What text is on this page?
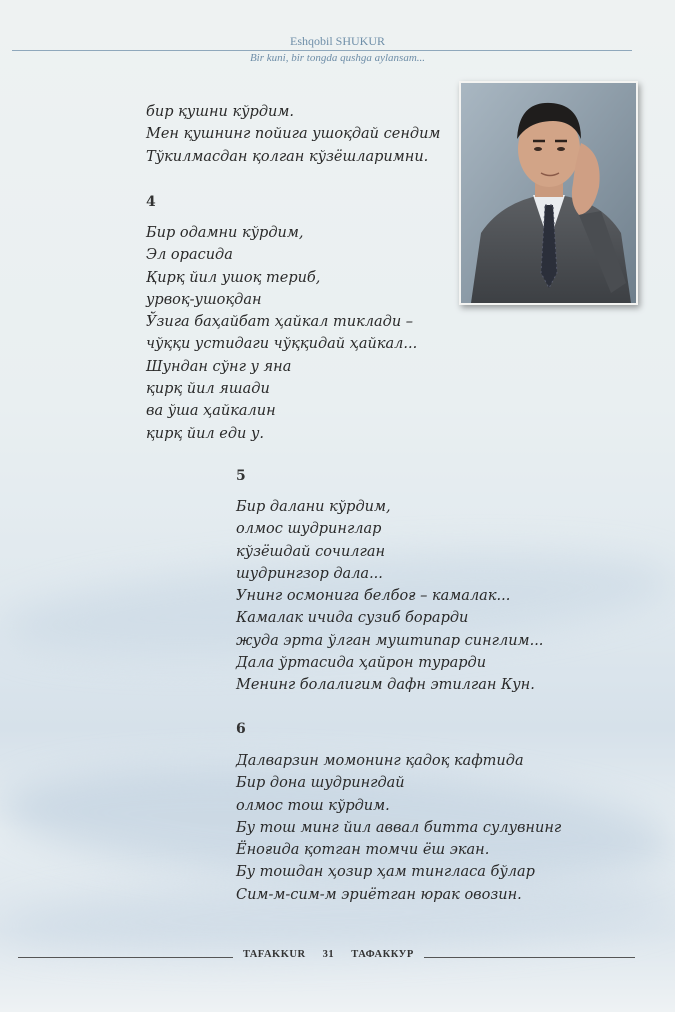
Eshqobil SHUKUR
Bir kuni, bir tongda qushga aylansam...
бир қушни кўрдим.
Мен қушнинг пойига ушоқдай сендим
Тўкилмасдан қолган кўзёшларимни.
4
Бир одамни кўрдим,
Эл орасида
Қирқ йил ушоқ териб,
урвоқ-ушоқдан
Ўзига баҳайбат ҳайкал тиклади –
чўққи устидаги чўққидай ҳайкал...
Шундан сўнг у яна
қирқ йил яшади
ва ўша ҳайкалин
қирқ йил еди у.
5
Бир далани кўрдим,
олмос шудринглар
кўзёшдай сочилган
шудрингзор дала...
Унинг осмонига белбоғ – камалак...
Камалак ичида сузиб борарди
жуда эрта ўлган муштипар синглим...
Дала ўртасида ҳайрон турарди
Менинг болалигим дафн этилган Кун.
6
Далварзин момонинг қадоқ кафтида
Бир дона шудрингдай
олмос тош кўрдим.
Бу тош минг йил аввал битта сулувнинг
Ёноғида қотган томчи ёш экан.
Бу тошдан ҳозир ҳам тингласа бўлар
Сим-м-сим-м эриётган юрак овозин.
TAFAKKUR 31 ТАФАККУР
